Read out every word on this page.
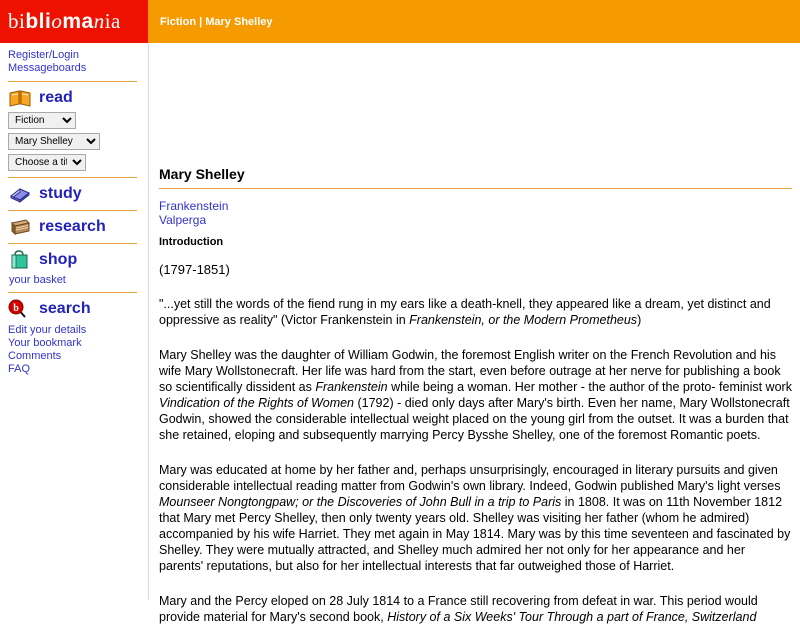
bibliomania	Fiction | Mary Shelley
Register/Login
Messageboards
read
Fiction
Mary Shelley
Choose a title
study
research
shop
your basket
b search
Edit your details
Your bookmark
Comments
FAQ
Mary Shelley
Frankenstein
Valperga
Introduction
(1797-1851)

"...yet still the words of the fiend rung in my ears like a death-knell, they appeared like a dream, yet distinct and oppressive as reality" (Victor Frankenstein in Frankenstein, or the Modern Prometheus)

Mary Shelley was the daughter of William Godwin, the foremost English writer on the French Revolution and his wife Mary Wollstonecraft. Her life was hard from the start, even before outrage at her nerve for publishing a book so scientifically dissident as Frankenstein while being a woman. Her mother - the author of the proto- feminist work Vindication of the Rights of Women (1792) - died only days after Mary's birth. Even her name, Mary Wollstonecraft Godwin, showed the considerable intellectual weight placed on the young girl from the outset. It was a burden that she retained, eloping and subsequently marrying Percy Bysshe Shelley, one of the foremost Romantic poets.

Mary was educated at home by her father and, perhaps unsurprisingly, encouraged in literary pursuits and given considerable intellectual reading matter from Godwin's own library. Indeed, Godwin published Mary's light verses Mounseer Nongtongpaw; or the Discoveries of John Bull in a trip to Paris in 1808. It was on 11th November 1812 that Mary met Percy Shelley, then only twenty years old. Shelley was visiting her father (whom he admired) accompanied by his wife Harriet. They met again in May 1814. Mary was by this time seventeen and fascinated by Shelley. They were mutually attracted, and Shelley much admired her not only for her appearance and her parents' reputations, but also for her intellectual interests that far outweighed those of Harriet.

Mary and the Percy eloped on 28 July 1814 to a France still recovering from defeat in war. This period would provide material for Mary's second book, History of a Six Weeks' Tour Through a part of France, Switzerland
